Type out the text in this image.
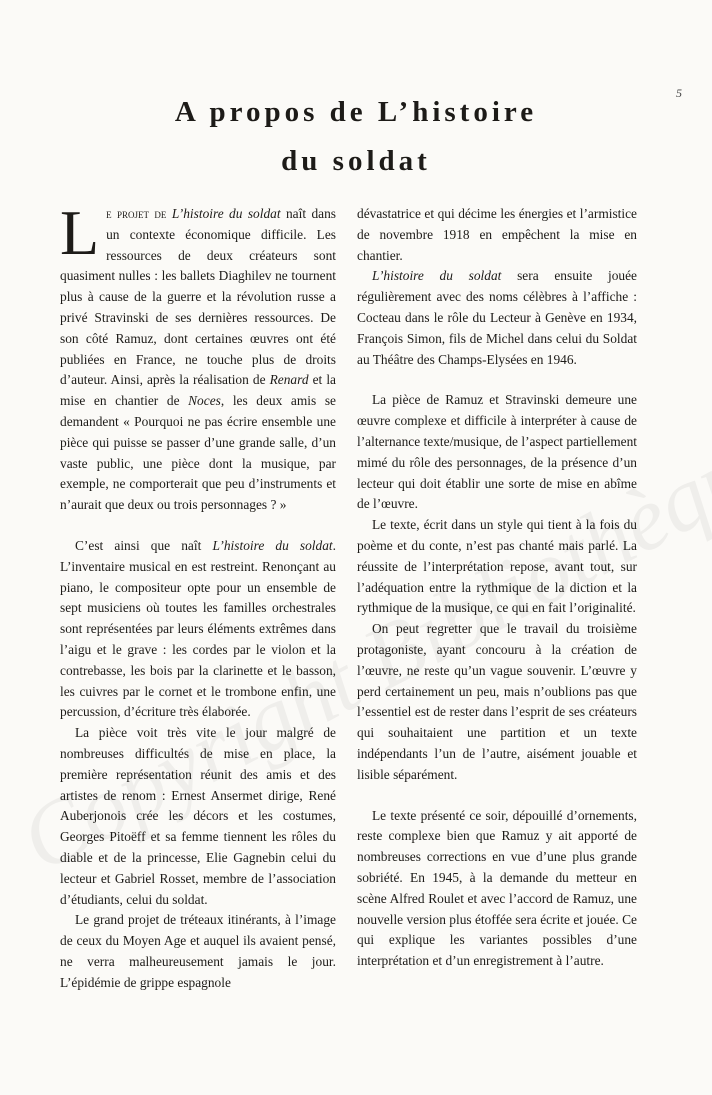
5
A propos de L’histoire
du soldat

Le projet de L’histoire du soldat naît dans un contexte économique difficile. Les ressources de deux créateurs sont quasiment nulles : les ballets Diaghilev ne tournent plus à cause de la guerre et la révolution russe a privé Stravinski de ses dernières ressources. De son côté Ramuz, dont certaines œuvres ont été publiées en France, ne touche plus de droits d’auteur. Ainsi, après la réalisation de Renard et la mise en chantier de Noces, les deux amis se demandent « Pourquoi ne pas écrire ensemble une pièce qui puisse se passer d’une grande salle, d’un vaste public, une pièce dont la musique, par exemple, ne comporterait que peu d’instruments et n’aurait que deux ou trois personnages ? »

C’est ainsi que naît L’histoire du soldat. L’inventaire musical en est restreint. Renonçant au piano, le compositeur opte pour un ensemble de sept musiciens où toutes les familles orchestrales sont représentées par leurs éléments extrêmes dans l’aigu et le grave : les cordes par le violon et la contrebasse, les bois par la clarinette et le basson, les cuivres par le cornet et le trombone enfin, une percussion, d’écriture très élaborée.

La pièce voit très vite le jour malgré de nombreuses difficultés de mise en place, la première représentation réunit des amis et des artistes de renom : Ernest Ansermet dirige, René Auberjonois crée les décors et les costumes, Georges Pitoëff et sa femme tiennent les rôles du diable et de la princesse, Elie Gagnebin celui du lecteur et Gabriel Rosset, membre de l’association d’étudiants, celui du soldat.

Le grand projet de tréteaux itinérants, à l’image de ceux du Moyen Age et auquel ils avaient pensé, ne verra malheureusement jamais le jour. L’épidémie de grippe espagnole

dévastatrice et qui décime les énergies et l’armistice de novembre 1918 en empêchent la mise en chantier.

L’histoire du soldat sera ensuite jouée régulièrement avec des noms célèbres à l’affiche : Cocteau dans le rôle du Lecteur à Genève en 1934, François Simon, fils de Michel dans celui du Soldat au Théâtre des Champs-Elysées en 1946.

La pièce de Ramuz et Stravinski demeure une œuvre complexe et difficile à interpréter à cause de l’alternance texte/musique, de l’aspect partiellement mimé du rôle des personnages, de la présence d’un lecteur qui doit établir une sorte de mise en abîme de l’œuvre.

Le texte, écrit dans un style qui tient à la fois du poème et du conte, n’est pas chanté mais parlé. La réussite de l’interprétation repose, avant tout, sur l’adéquation entre la rythmique de la diction et la rythmique de la musique, ce qui en fait l’originalité.

On peut regretter que le travail du troisième protagoniste, ayant concouru à la création de l’œuvre, ne reste qu’un vague souvenir. L’œuvre y perd certainement un peu, mais n’oublions pas que l’essentiel est de rester dans l’esprit de ses créateurs qui souhaitaient une partition et un texte indépendants l’un de l’autre, aisément jouable et lisible séparément.

Le texte présenté ce soir, dépouillé d’ornements, reste complexe bien que Ramuz y ait apporté de nombreuses corrections en vue d’une plus grande sobriété. En 1945, à la demande du metteur en scène Alfred Roulet et avec l’accord de Ramuz, une nouvelle version plus étoffée sera écrite et jouée. Ce qui explique les variantes possibles d’une interprétation et d’un enregistrement à l’autre.
